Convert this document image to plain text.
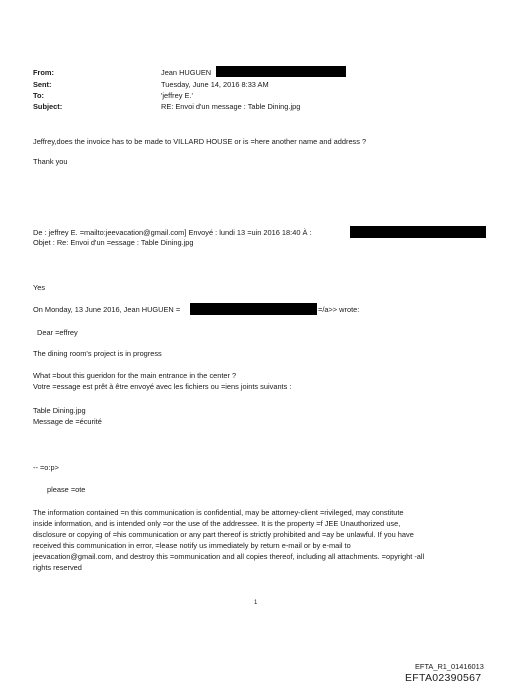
From:	Jean HUGUEN
Sent:	Tuesday, June 14, 2016 8:33 AM
To:	'jeffrey E.'
Subject:	RE: Envoi d'un message : Table Dining.jpg
Jeffrey,does the invoice has to be made to VILLARD HOUSE or is =here another name and address ?
Thank you
De : jeffrey E. =mailto:jeevacation@gmail.com] Envoyé : lundi 13 =uin 2016 18:40 À :
Objet : Re: Envoi d'un =essage : Table Dining.jpg
Yes
On Monday, 13 June 2016, Jean HUGUEN =	=/a>> wrote:
Dear =effrey
The dining room's project is in progress
What =bout this gueridon for the main entrance in the center ?
Votre =essage est prêt à être envoyé avec les fichiers ou =iens joints suivants :
Table Dining.jpg
Message de =écurité
-- =o:p>
please =ote
The information contained =n this communication is confidential, may be attorney-client =rivileged, may constitute
inside information, and is intended only =or the use of the addressee. It is the property =f JEE Unauthorized use,
disclosure or copying of =his communication or any part thereof is strictly prohibited and =ay be unlawful. If you have
received this communication in error, =lease notify us immediately by return e-mail or by e-mail to
jeevacation@gmail.com, and destroy this =ommunication and all copies thereof, including all attachments. =opyright -all
rights reserved
1
EFTA_R1_01416013
EFTA02390567
